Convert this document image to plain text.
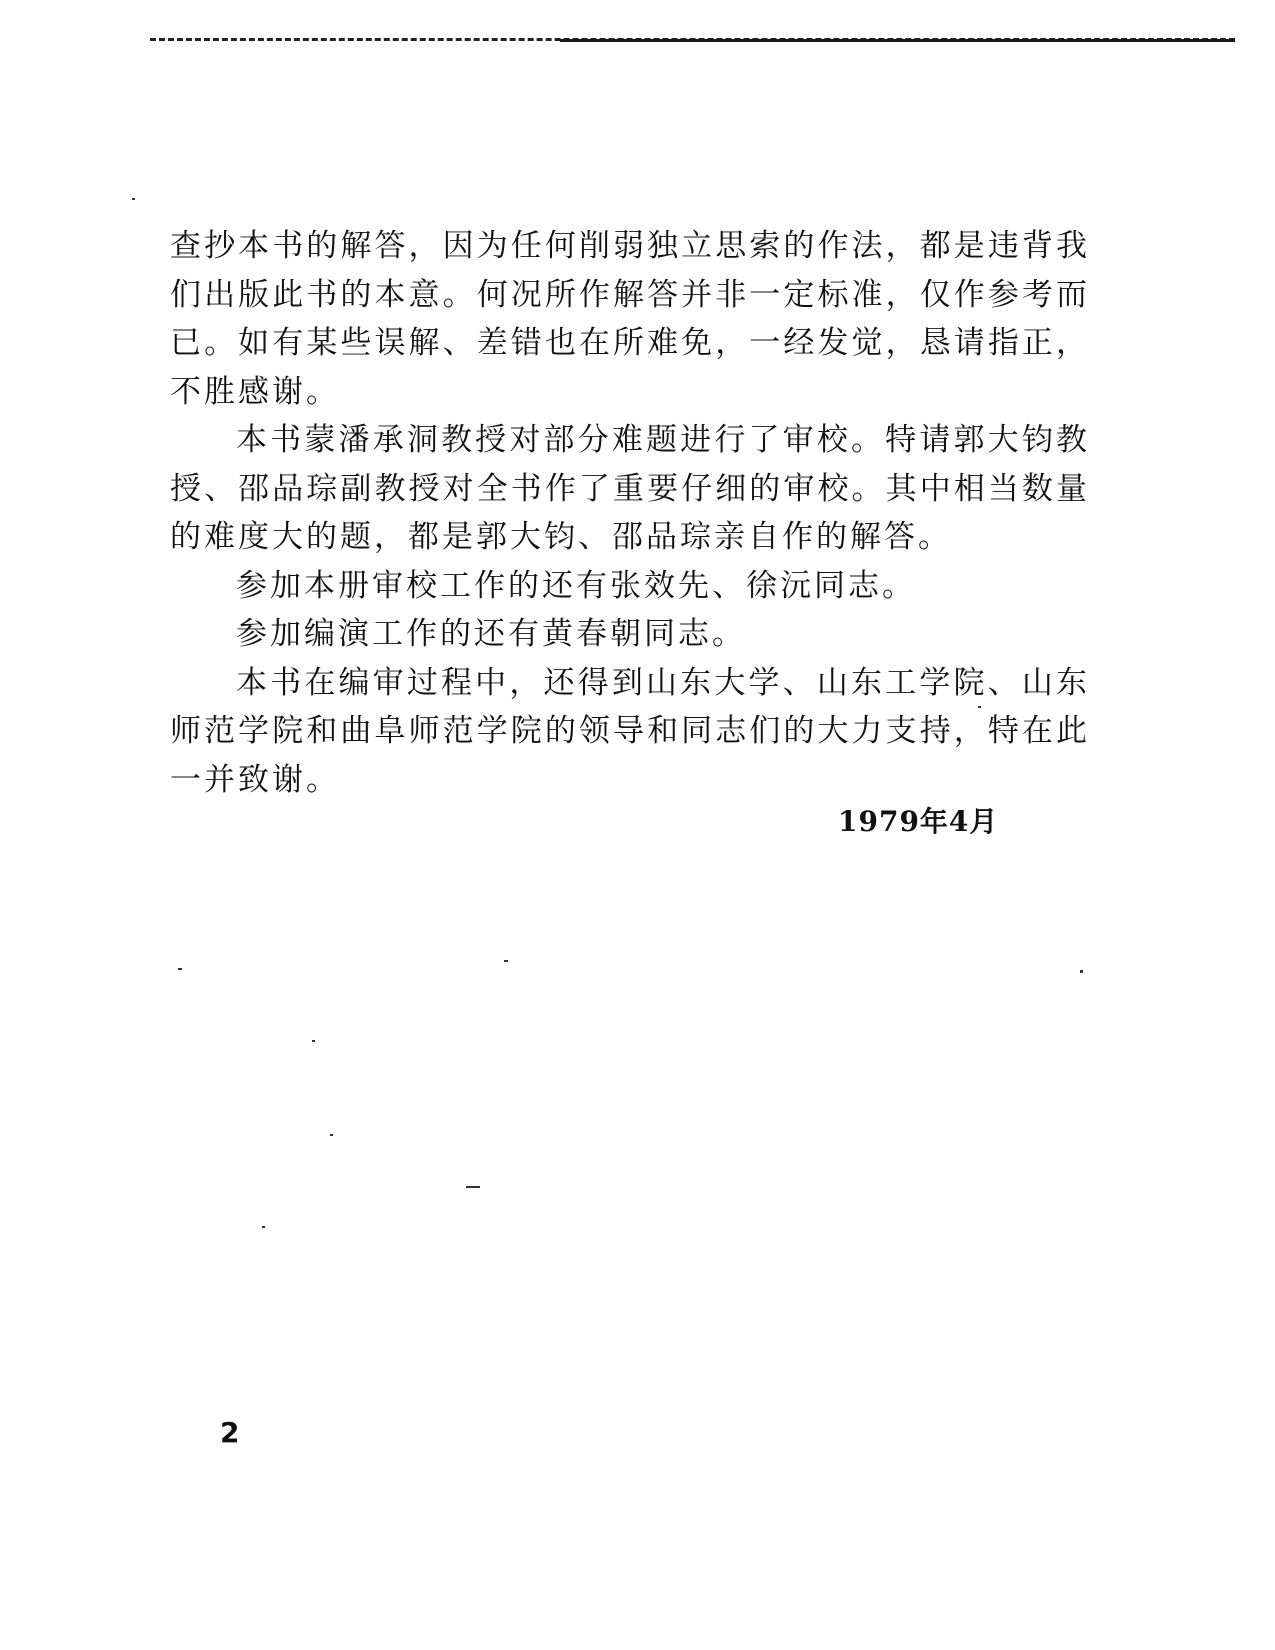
查抄本书的解答，因为任何削弱独立思索的作法，都是违背我们出版此书的本意。何况所作解答并非一定标准，仅作参考而已。如有某些误解、差错也在所难免，一经发觉，恳请指正，不胜感谢。

本书蒙潘承洞教授对部分难题进行了审校。特请郭大钧教授、邵品琮副教授对全书作了重要仔细的审校。其中相当数量的难度大的题，都是郭大钧、邵品琮亲自作的解答。

参加本册审校工作的还有张效先、徐沅同志。

参加编演工作的还有黄春朝同志。

本书在编审过程中，还得到山东大学、山东工学院、山东师范学院和曲阜师范学院的领导和同志们的大力支持，特在此一并致谢。

1979年4月
2
